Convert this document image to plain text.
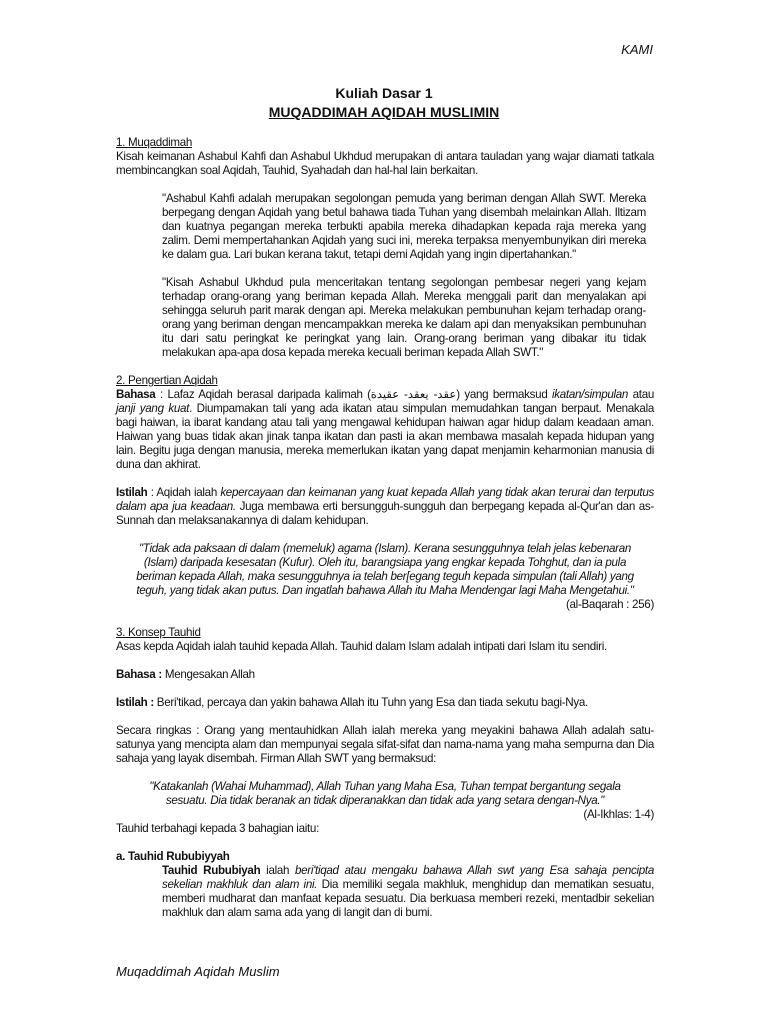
KAMI
Kuliah Dasar 1
MUQADDIMAH AQIDAH MUSLIMIN

1. Muqaddimah

Kisah keimanan Ashabul Kahfi dan Ashabul Ukhdud merupakan di antara tauladan yang wajar diamati tatkala membincangkan soal Aqidah, Tauhid, Syahadah dan hal-hal lain berkaitan.

"Ashabul Kahfi adalah merupakan segolongan pemuda yang beriman dengan Allah SWT. Mereka berpegang dengan Aqidah yang betul bahawa tiada Tuhan yang disembah melainkan Allah. Iltizam dan kuatnya pegangan mereka terbukti apabila mereka dihadapkan kepada raja mereka yang zalim. Demi mempertahankan Aqidah yang suci ini, mereka terpaksa menyembunyikan diri mereka ke dalam gua. Lari bukan kerana takut, tetapi demi Aqidah yang ingin dipertahankan."

"Kisah Ashabul Ukhdud pula menceritakan tentang segolongan pembesar negeri yang kejam terhadap orang-orang yang beriman kepada Allah. Mereka menggali parit dan menyalakan api sehingga seluruh parit marak dengan api. Mereka melakukan pembunuhan kejam terhadap orang-orang yang beriman dengan mencampakkan mereka ke dalam api dan menyaksikan pembunuhan itu dari satu peringkat ke peringkat yang lain. Orang-orang beriman yang dibakar itu tidak melakukan apa-apa dosa kepada mereka kecuali beriman kepada Allah SWT."

2. Pengertian Aqidah

Bahasa : Lafaz Aqidah berasal daripada kalimah (عقد- يعقد- عقيدة) yang bermaksud ikatan/simpulan atau janji yang kuat. Diumpamakan tali yang ada ikatan atau simpulan memudahkan tangan berpaut. Menakala bagi haiwan, ia ibarat kandang atau tali yang mengawal kehidupan haiwan agar hidup dalam keadaan aman. Haiwan yang buas tidak akan jinak tanpa ikatan dan pasti ia akan membawa masalah kepada hidupan yang lain. Begitu juga dengan manusia, mereka memerlukan ikatan yang dapat menjamin keharmonian manusia di duna dan akhirat.

Istilah : Aqidah ialah kepercayaan dan keimanan yang kuat kepada Allah yang tidak akan terurai dan terputus dalam apa jua keadaan. Juga membawa erti bersungguh-sungguh dan berpegang kepada al-Qur'an dan as-Sunnah dan melaksanakannya di dalam kehidupan.

"Tidak ada paksaan di dalam (memeluk) agama (Islam). Kerana sesungguhnya telah jelas kebenaran (Islam) daripada kesesatan (Kufur). Oleh itu, barangsiapa yang engkar kepada Tohghut, dan ia pula beriman kepada Allah, maka sesungguhnya ia telah ber[egang teguh kepada simpulan (tali Allah) yang teguh, yang tidak akan putus. Dan ingatlah bahawa Allah itu Maha Mendengar lagi Maha Mengetahui."

(al-Baqarah : 256)

3. Konsep Tauhid

Asas kepda Aqidah ialah tauhid kepada Allah. Tauhid dalam Islam adalah intipati dari Islam itu sendiri.

Bahasa : Mengesakan Allah

Istilah : Beri'tikad, percaya dan yakin bahawa Allah itu Tuhn yang Esa dan tiada sekutu bagi-Nya.

Secara ringkas : Orang yang mentauhidkan Allah ialah mereka yang meyakini bahawa Allah adalah satu-satunya yang mencipta alam dan mempunyai segala sifat-sifat dan nama-nama yang maha sempurna dan Dia sahaja yang layak disembah. Firman Allah SWT yang bermaksud:

"Katakanlah (Wahai Muhammad), Allah Tuhan yang Maha Esa, Tuhan tempat bergantung segala sesuatu. Dia tidak beranak an tidak diperanakkan dan tidak ada yang setara dengan-Nya."

(Al-Ikhlas: 1-4)

Tauhid terbahagi kepada 3 bahagian iaitu:

a. Tauhid Rububiyyah

Tauhid Rububiyah ialah beri'tiqad atau mengaku bahawa Allah swt yang Esa sahaja pencipta sekelian makhluk dan alam ini. Dia memiliki segala makhluk, menghidup dan mematikan sesuatu, memberi mudharat dan manfaat kepada sesuatu. Dia berkuasa memberi rezeki, mentadbir sekelian makhluk dan alam sama ada yang di langit dan di bumi.

Muqaddimah Aqidah Muslim
